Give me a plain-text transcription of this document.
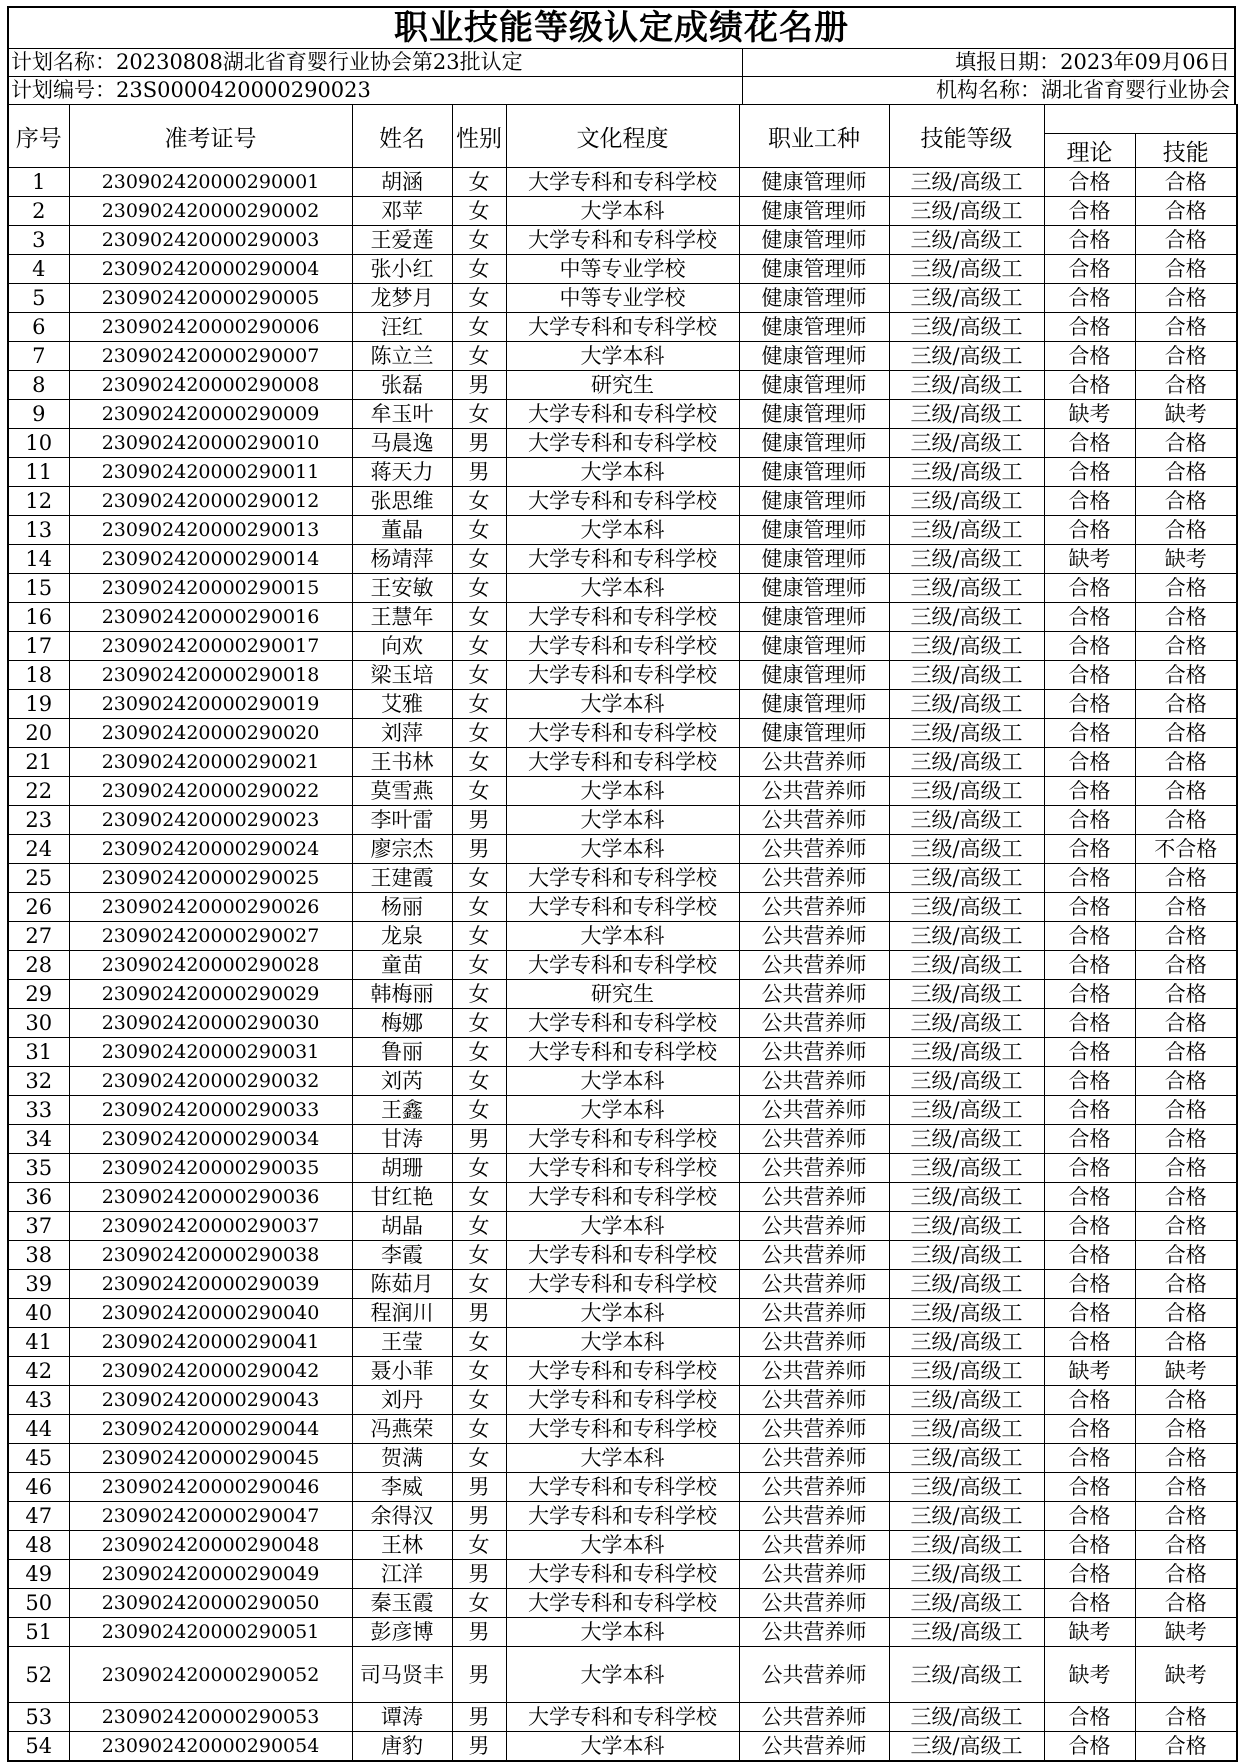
职业技能等级认定成绩花名册
计划名称：20230808湖北省育婴行业协会第23批认定	填报日期：2023年09月06日
计划编号：23S0000420000290023	机构名称：湖北省育婴行业协会
序号	准考证号	姓名	性别	文化程度	职业工种	技能等级		
							理论	技能
1	230902420000290001	胡涵	女	大学专科和专科学校	健康管理师	三级/高级工	合格	合格
2	230902420000290002	邓苹	女	大学本科	健康管理师	三级/高级工	合格	合格
3	230902420000290003	王爱莲	女	大学专科和专科学校	健康管理师	三级/高级工	合格	合格
4	230902420000290004	张小红	女	中等专业学校	健康管理师	三级/高级工	合格	合格
5	230902420000290005	龙梦月	女	中等专业学校	健康管理师	三级/高级工	合格	合格
6	230902420000290006	汪红	女	大学专科和专科学校	健康管理师	三级/高级工	合格	合格
7	230902420000290007	陈立兰	女	大学本科	健康管理师	三级/高级工	合格	合格
8	230902420000290008	张磊	男	研究生	健康管理师	三级/高级工	合格	合格
9	230902420000290009	牟玉叶	女	大学专科和专科学校	健康管理师	三级/高级工	缺考	缺考
10	230902420000290010	马晨逸	男	大学专科和专科学校	健康管理师	三级/高级工	合格	合格
11	230902420000290011	蒋天力	男	大学本科	健康管理师	三级/高级工	合格	合格
12	230902420000290012	张思维	女	大学专科和专科学校	健康管理师	三级/高级工	合格	合格
13	230902420000290013	董晶	女	大学本科	健康管理师	三级/高级工	合格	合格
14	230902420000290014	杨靖萍	女	大学专科和专科学校	健康管理师	三级/高级工	缺考	缺考
15	230902420000290015	王安敏	女	大学本科	健康管理师	三级/高级工	合格	合格
16	230902420000290016	王慧年	女	大学专科和专科学校	健康管理师	三级/高级工	合格	合格
17	230902420000290017	向欢	女	大学专科和专科学校	健康管理师	三级/高级工	合格	合格
18	230902420000290018	梁玉培	女	大学专科和专科学校	健康管理师	三级/高级工	合格	合格
19	230902420000290019	艾雅	女	大学本科	健康管理师	三级/高级工	合格	合格
20	230902420000290020	刘萍	女	大学专科和专科学校	健康管理师	三级/高级工	合格	合格
21	230902420000290021	王书林	女	大学专科和专科学校	公共营养师	三级/高级工	合格	合格
22	230902420000290022	莫雪燕	女	大学本科	公共营养师	三级/高级工	合格	合格
23	230902420000290023	李叶雷	男	大学本科	公共营养师	三级/高级工	合格	合格
24	230902420000290024	廖宗杰	男	大学本科	公共营养师	三级/高级工	合格	不合格
25	230902420000290025	王建霞	女	大学专科和专科学校	公共营养师	三级/高级工	合格	合格
26	230902420000290026	杨丽	女	大学专科和专科学校	公共营养师	三级/高级工	合格	合格
27	230902420000290027	龙泉	女	大学本科	公共营养师	三级/高级工	合格	合格
28	230902420000290028	童苗	女	大学专科和专科学校	公共营养师	三级/高级工	合格	合格
29	230902420000290029	韩梅丽	女	研究生	公共营养师	三级/高级工	合格	合格
30	230902420000290030	梅娜	女	大学专科和专科学校	公共营养师	三级/高级工	合格	合格
31	230902420000290031	鲁丽	女	大学专科和专科学校	公共营养师	三级/高级工	合格	合格
32	230902420000290032	刘芮	女	大学本科	公共营养师	三级/高级工	合格	合格
33	230902420000290033	王鑫	女	大学本科	公共营养师	三级/高级工	合格	合格
34	230902420000290034	甘涛	男	大学专科和专科学校	公共营养师	三级/高级工	合格	合格
35	230902420000290035	胡珊	女	大学专科和专科学校	公共营养师	三级/高级工	合格	合格
36	230902420000290036	甘红艳	女	大学专科和专科学校	公共营养师	三级/高级工	合格	合格
37	230902420000290037	胡晶	女	大学本科	公共营养师	三级/高级工	合格	合格
38	230902420000290038	李霞	女	大学专科和专科学校	公共营养师	三级/高级工	合格	合格
39	230902420000290039	陈茹月	女	大学专科和专科学校	公共营养师	三级/高级工	合格	合格
40	230902420000290040	程润川	男	大学本科	公共营养师	三级/高级工	合格	合格
41	230902420000290041	王莹	女	大学本科	公共营养师	三级/高级工	合格	合格
42	230902420000290042	聂小菲	女	大学专科和专科学校	公共营养师	三级/高级工	缺考	缺考
43	230902420000290043	刘丹	女	大学专科和专科学校	公共营养师	三级/高级工	合格	合格
44	230902420000290044	冯燕荣	女	大学专科和专科学校	公共营养师	三级/高级工	合格	合格
45	230902420000290045	贺满	女	大学本科	公共营养师	三级/高级工	合格	合格
46	230902420000290046	李威	男	大学专科和专科学校	公共营养师	三级/高级工	合格	合格
47	230902420000290047	余得汉	男	大学专科和专科学校	公共营养师	三级/高级工	合格	合格
48	230902420000290048	王林	女	大学本科	公共营养师	三级/高级工	合格	合格
49	230902420000290049	江洋	男	大学专科和专科学校	公共营养师	三级/高级工	合格	合格
50	230902420000290050	秦玉霞	女	大学专科和专科学校	公共营养师	三级/高级工	合格	合格
51	230902420000290051	彭彦博	男	大学本科	公共营养师	三级/高级工	缺考	缺考
52	230902420000290052	司马贤丰	男	大学本科	公共营养师	三级/高级工	缺考	缺考
53	230902420000290053	谭涛	男	大学专科和专科学校	公共营养师	三级/高级工	合格	合格
54	230902420000290054	唐豹	男	大学本科	公共营养师	三级/高级工	合格	合格
